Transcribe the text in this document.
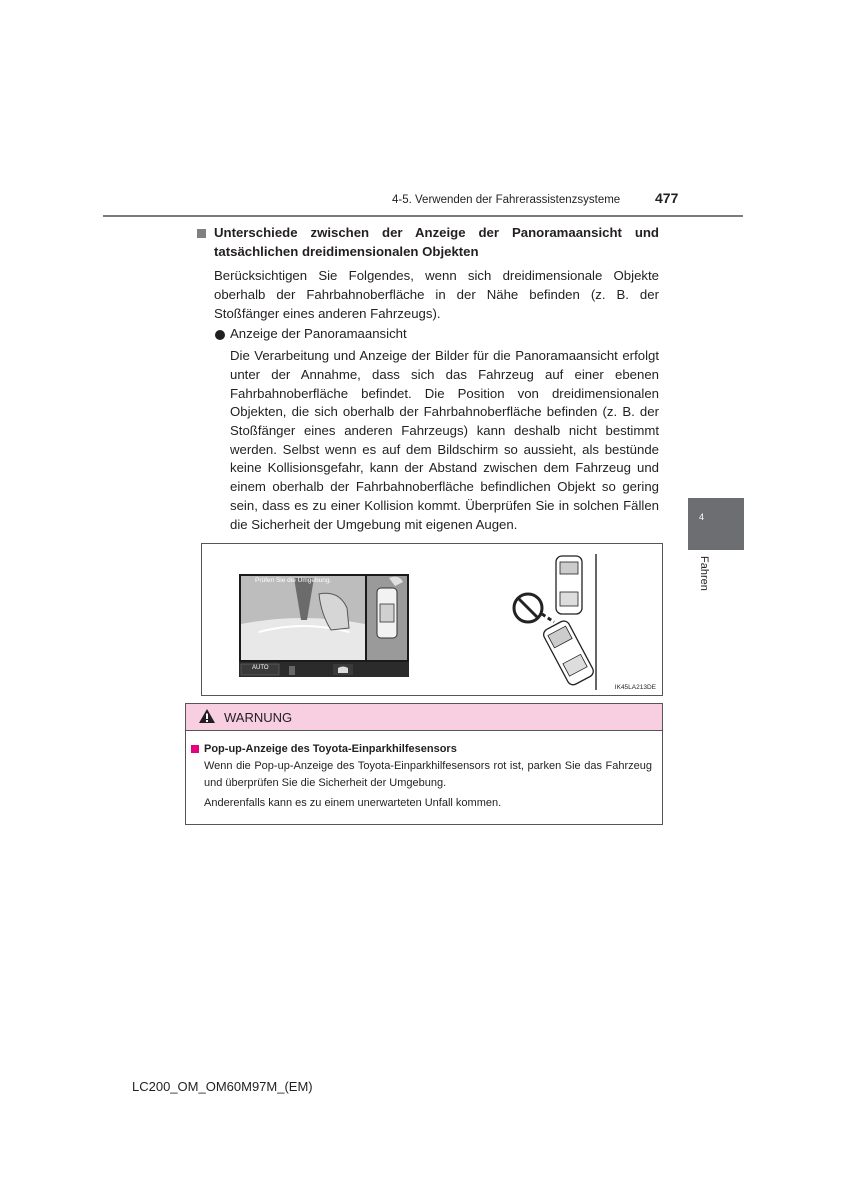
4-5. Verwenden der Fahrerassistenzsysteme 477
4
Fahren
Unterschiede zwischen der Anzeige der Panoramaansicht und tatsächlichen dreidimensionalen Objekten
Berücksichtigen Sie Folgendes, wenn sich dreidimensionale Objekte oberhalb der Fahrbahnoberfläche in der Nähe befinden (z. B. der Stoßfänger eines anderen Fahrzeugs).
Anzeige der Panoramaansicht
Die Verarbeitung und Anzeige der Bilder für die Panoramaansicht erfolgt unter der Annahme, dass sich das Fahrzeug auf einer ebenen Fahrbahnoberfläche befindet. Die Position von dreidimensionalen Objekten, die sich oberhalb der Fahrbahnoberfläche befinden (z. B. der Stoßfänger eines anderen Fahrzeugs) kann deshalb nicht bestimmt werden. Selbst wenn es auf dem Bildschirm so aussieht, als bestünde keine Kollisionsgefahr, kann der Abstand zwischen dem Fahrzeug und einem oberhalb der Fahrbahnoberfläche befindlichen Objekt so gering sein, dass es zu einer Kollision kommt. Überprüfen Sie in solchen Fällen die Sicherheit der Umgebung mit eigenen Augen.
Prüfen Sie die Umgebung.
AUTO
IK45LA213DE
WARNUNG
Pop-up-Anzeige des Toyota-Einparkhilfesensors
Wenn die Pop-up-Anzeige des Toyota-Einparkhilfesensors rot ist, parken Sie das Fahrzeug und überprüfen Sie die Sicherheit der Umgebung.
Anderenfalls kann es zu einem unerwarteten Unfall kommen.
LC200_OM_OM60M97M_(EM)
